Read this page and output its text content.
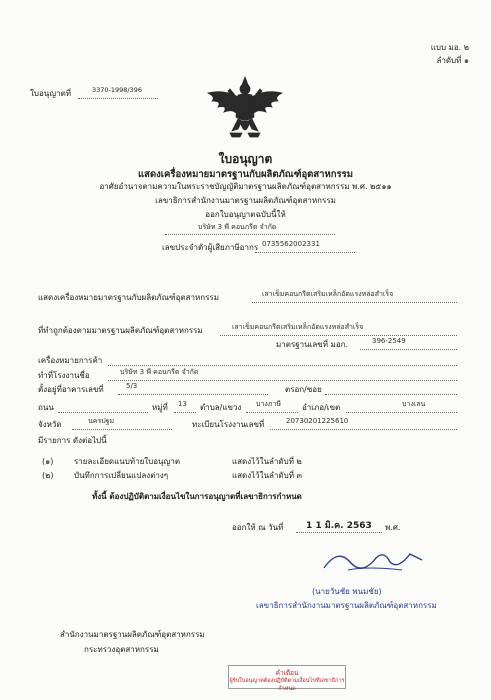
แบบ มอ. ๒
ลำดับที่ ๑
ใบอนุญาตที่	3370-1998/396
ใบอนุญาต
แสดงเครื่องหมายมาตรฐานกับผลิตภัณฑ์อุตสาหกรรม
อาศัยอำนาจตามความในพระราชบัญญัติมาตรฐานผลิตภัณฑ์อุตสาหกรรม พ.ศ. ๒๕๑๑
เลขาธิการสำนักงานมาตรฐานผลิตภัณฑ์อุตสาหกรรม
ออกใบอนุญาตฉบับนี้ให้
บริษัท 3 พี คอนกรีต จำกัด
เลขประจำตัวผู้เสียภาษีอากร 0735562002331
แสดงเครื่องหมายมาตรฐานกับผลิตภัณฑ์อุตสาหกรรม	เสาเข็มคอนกรีตเสริมเหล็กอัดแรงหล่อสำเร็จ
ที่ทำถูกต้องตามมาตรฐานผลิตภัณฑ์อุตสาหกรรม	เสาเข็มคอนกรีตเสริมเหล็กอัดแรงหล่อสำเร็จ
มาตรฐานเลขที่ มอก.	396-2549
เครื่องหมายการค้า
ทำที่โรงงานชื่อ	บริษัท 3 พี คอนกรีต จำกัด
ตั้งอยู่ที่อาคารเลขที่	5/3	ตรอก/ซอย
ถนน	หมู่ที่ 13 ตำบล/แขวง บางภาษี	อำเภอ/เขต	บางเลน
จังหวัด	นครปฐม	ทะเบียนโรงงานเลขที่	20730201225610
มีรายการ ดังต่อไปนี้
(๑)	รายละเอียดแนบท้ายใบอนุญาต	แสดงไว้ในลำดับที่ ๒
(๒)	บันทึกการเปลี่ยนแปลงต่างๆ	แสดงไว้ในลำดับที่ ๓
ทั้งนี้ ต้องปฏิบัติตามเงื่อนไขในการอนุญาตที่เลขาธิการกำหนด
ออกให้ ณ วันที่	1 1 มิ.ค. 2563 พ.ศ.
(นายวันชัย พนมชัย)
เลขาธิการสำนักงานมาตรฐานผลิตภัณฑ์อุตสาหกรรม
สำนักงานมาตรฐานผลิตภัณฑ์อุตสาหกรรม
กระทรวงอุตสาหกรรม
คำเตือน
ผู้รับใบอนุญาตต้องปฏิบัติตามเงื่อนไขที่เลขาธิการกำหนด
